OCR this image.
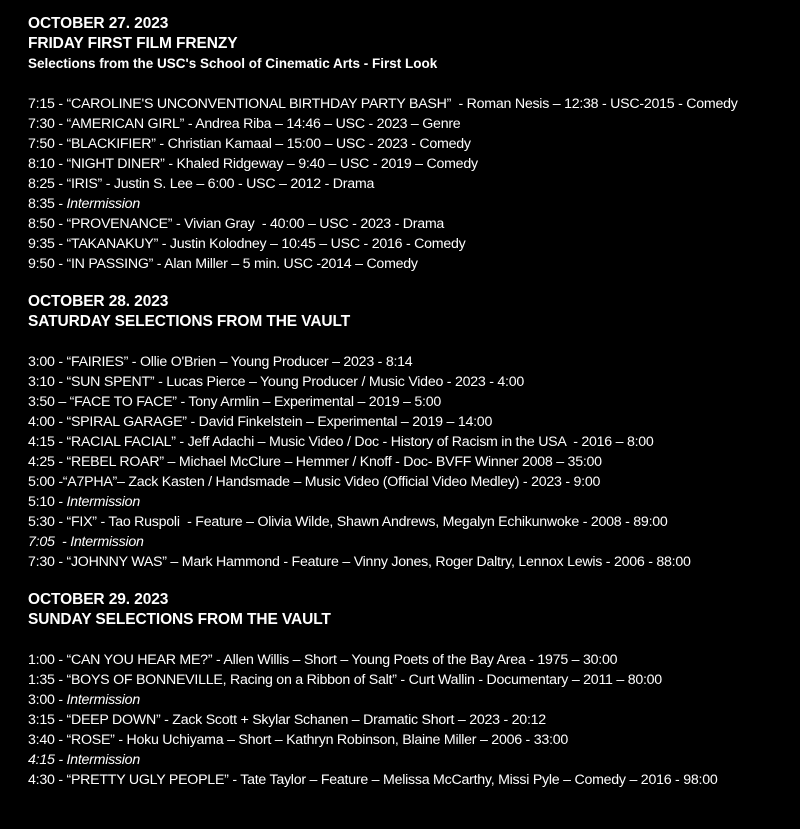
OCTOBER 27. 2023
FRIDAY FIRST FILM FRENZY
Selections from the USC's School of Cinematic Arts - First Look
7:15 - “CAROLINE'S UNCONVENTIONAL BIRTHDAY PARTY BASH”  - Roman Nesis – 12:38 - USC-2015 - Comedy
7:30 - “AMERICAN GIRL” - Andrea Riba – 14:46 – USC - 2023 – Genre
7:50 - “BLACKIFIER” - Christian Kamaal – 15:00 – USC - 2023 - Comedy
8:10 - “NIGHT DINER” - Khaled Ridgeway – 9:40 – USC - 2019 – Comedy
8:25 - “IRIS” - Justin S. Lee – 6:00 - USC – 2012 - Drama
8:35 - Intermission
8:50 - “PROVENANCE” - Vivian Gray  - 40:00 – USC - 2023 - Drama
9:35 - “TAKANAKUY” - Justin Kolodney – 10:45 – USC - 2016 - Comedy
9:50 - “IN PASSING” - Alan Miller – 5 min. USC -2014 – Comedy
OCTOBER 28. 2023
SATURDAY SELECTIONS FROM THE VAULT
3:00 - “FAIRIES” - Ollie O'Brien – Young Producer – 2023 - 8:14
3:10 - “SUN SPENT” - Lucas Pierce – Young Producer / Music Video - 2023 - 4:00
3:50 – “FACE TO FACE” - Tony Armlin – Experimental – 2019 – 5:00
4:00 - “SPIRAL GARAGE” - David Finkelstein – Experimental – 2019 – 14:00
4:15 - “RACIAL FACIAL” - Jeff Adachi – Music Video / Doc - History of Racism in the USA  - 2016 – 8:00
4:25 - “REBEL ROAR” – Michael McClure – Hemmer / Knoff - Doc- BVFF Winner 2008 – 35:00
5:00 -“A7PHA”– Zack Kasten / Handsmade – Music Video (Official Video Medley) - 2023 - 9:00
5:10 - Intermission
5:30 - “FIX” - Tao Ruspoli  - Feature – Olivia Wilde, Shawn Andrews, Megalyn Echikunwoke - 2008 - 89:00
7:05  - Intermission
7:30 - “JOHNNY WAS” – Mark Hammond - Feature – Vinny Jones, Roger Daltry, Lennox Lewis - 2006 - 88:00
OCTOBER 29. 2023
SUNDAY SELECTIONS FROM THE VAULT
1:00 - “CAN YOU HEAR ME?” - Allen Willis – Short – Young Poets of the Bay Area - 1975 – 30:00
1:35 - “BOYS OF BONNEVILLE, Racing on a Ribbon of Salt” - Curt Wallin - Documentary – 2011 – 80:00
3:00 - Intermission
3:15 - “DEEP DOWN” - Zack Scott + Skylar Schanen – Dramatic Short – 2023 - 20:12
3:40 - “ROSE” - Hoku Uchiyama – Short – Kathryn Robinson, Blaine Miller – 2006 - 33:00
4:15 - Intermission
4:30 - “PRETTY UGLY PEOPLE” - Tate Taylor – Feature – Melissa McCarthy, Missi Pyle – Comedy – 2016 - 98:00
